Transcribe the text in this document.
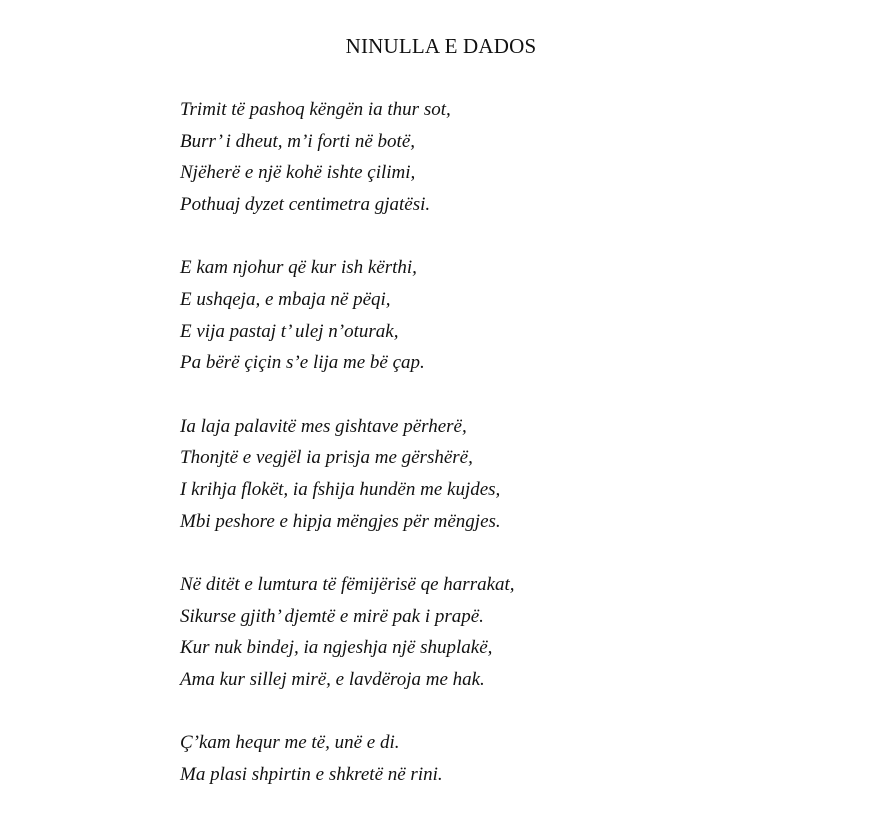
NINULLA E DADOS
Trimit të pashoq këngën ia thur sot,
Burr’ i dheut, m’i forti në botë,
Njëherë e një kohë ishte çilimi,
Pothuaj dyzet centimetra gjatësi.
E kam njohur që kur ish kërthi,
E ushqeja, e mbaja në pëqi,
E vija pastaj t’ ulej n’oturak,
Pa bërë çiçin s’e lija me bë çap.
Ia laja palavitë mes gishtave përherë,
Thonjtë e vegjël ia prisja me gërshërë,
I krihja flokët, ia fshija hundën me kujdes,
Mbi peshore e hipja mëngjes për mëngjes.
Në ditët e lumtura të fëmijërisë qe harrakat,
Sikurse gjith’ djemtë e mirë pak i prapë.
Kur nuk bindej, ia ngjeshja një shuplakë,
Ama kur sillej mirë, e lavdëroja me hak.
Ç’kam hequr me të, unë e di.
Ma plasi shpirtin e shkretë në rini.
